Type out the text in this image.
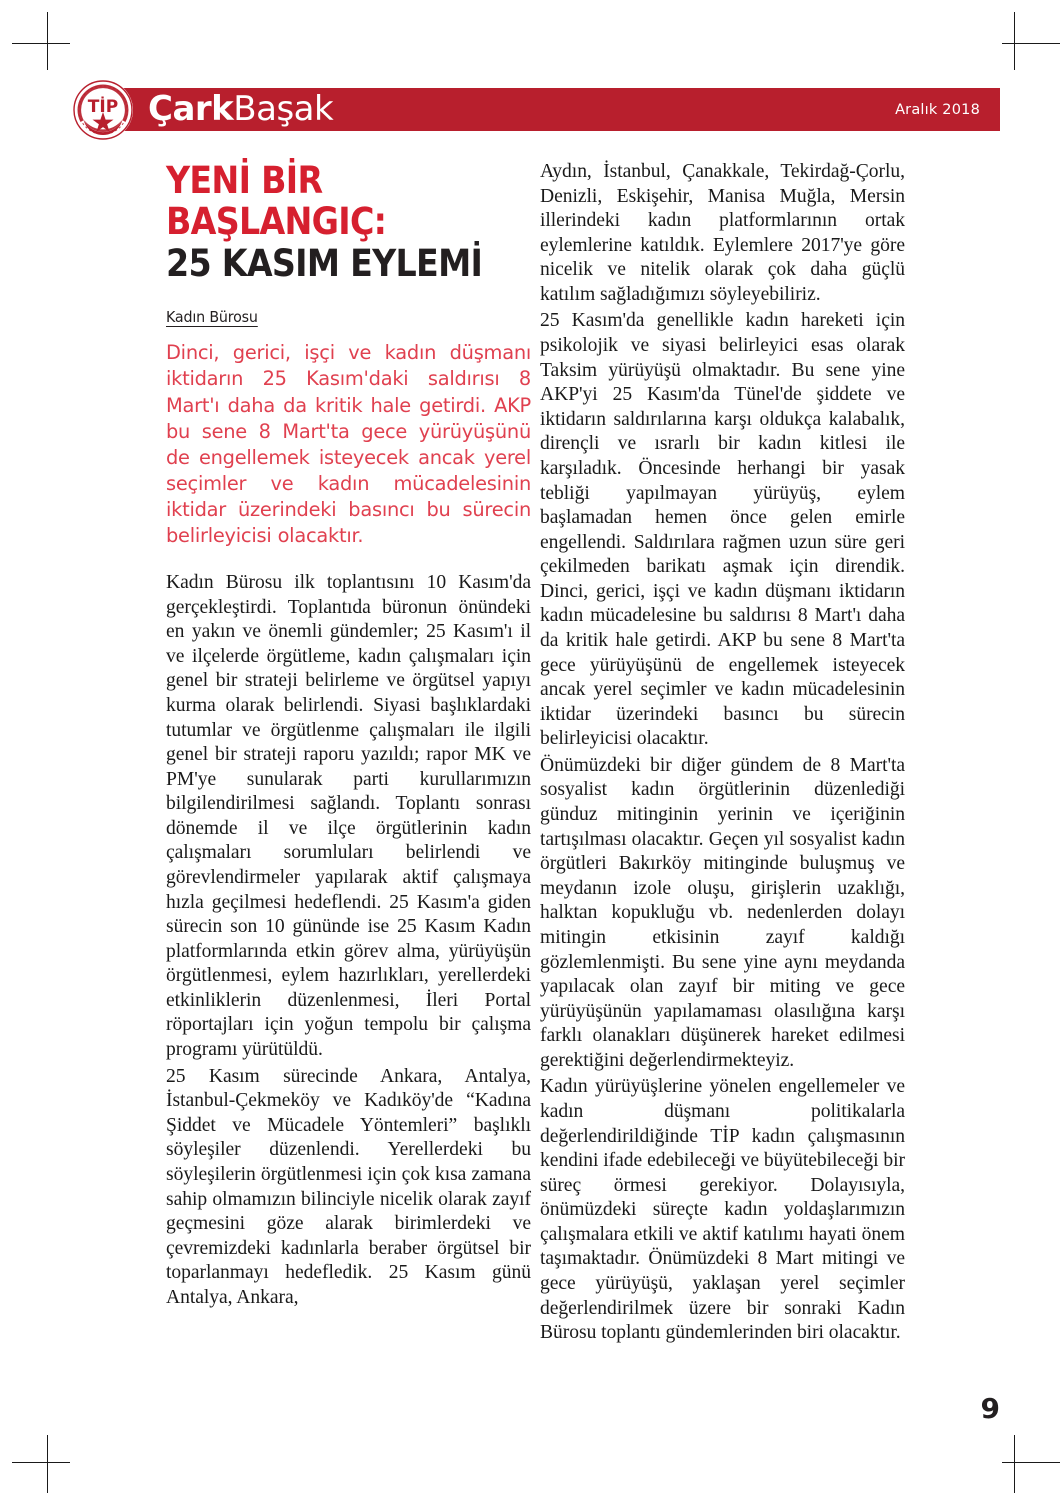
ÇarkBaşak	Aralık 2018
TİP
YENİ BİR BAŞLANGIÇ:
25 KASIM EYLEMİ
Kadın Bürosu

Dinci, gerici, işçi ve kadın düşmanı iktidarın 25 Kasım'daki saldırısı 8 Mart'ı daha da kritik hale getirdi. AKP bu sene 8 Mart'ta gece yürüyüşünü de engellemek isteyecek ancak yerel seçimler ve kadın mücadelesinin iktidar üzerindeki basıncı bu sürecin belirleyicisi olacaktır.

Kadın Bürosu ilk toplantısını 10 Kasım'da gerçekleştirdi. Toplantıda büronun önündeki en yakın ve önemli gündemler; 25 Kasım'ı il ve ilçelerde örgütleme, kadın çalışmaları için genel bir strateji belirleme ve örgütsel yapıyı kurma olarak belirlendi. Siyasi başlıklardaki tutumlar ve örgütlenme çalışmaları ile ilgili genel bir strateji raporu yazıldı; rapor MK ve PM'ye sunularak parti kurullarımızın bilgilendirilmesi sağlandı. Toplantı sonrası dönemde il ve ilçe örgütlerinin kadın çalışmaları sorumluları belirlendi ve görevlendirmeler yapılarak aktif çalışmaya hızla geçilmesi hedeflendi. 25 Kasım'a giden sürecin son 10 gününde ise 25 Kasım Kadın platformlarında etkin görev alma, yürüyüşün örgütlenmesi, eylem hazırlıkları, yerellerdeki etkinliklerin düzenlenmesi, İleri Portal röportajları için yoğun tempolu bir çalışma programı yürütüldü.

25 Kasım sürecinde Ankara, Antalya, İstanbul-Çekmeköy ve Kadıköy'de “Kadına Şiddet ve Mücadele Yöntemleri” başlıklı söyleşiler düzenlendi. Yerellerdeki bu söyleşilerin örgütlenmesi için çok kısa zamana sahip olmamızın bilinciyle nicelik olarak zayıf geçmesini göze alarak birimlerdeki ve çevremizdeki kadınlarla beraber örgütsel bir toparlanmayı hedefledik. 25 Kasım günü Antalya, Ankara,

Aydın, İstanbul, Çanakkale, Tekirdağ-Çorlu, Denizli, Eskişehir, Manisa Muğla, Mersin illerindeki kadın platformlarının ortak eylemlerine katıldık. Eylemlere 2017'ye göre nicelik ve nitelik olarak çok daha güçlü katılım sağladığımızı söyleyebiliriz.

25 Kasım'da genellikle kadın hareketi için psikolojik ve siyasi belirleyici esas olarak Taksim yürüyüşü olmaktadır. Bu sene yine AKP'yi 25 Kasım'da Tünel'de şiddete ve iktidarın saldırılarına karşı oldukça kalabalık, dirençli ve ısrarlı bir kadın kitlesi ile karşıladık. Öncesinde herhangi bir yasak tebliği yapılmayan yürüyüş, eylem başlamadan hemen önce gelen emirle engellendi. Saldırılara rağmen uzun süre geri çekilmeden barikatı aşmak için direndik. Dinci, gerici, işçi ve kadın düşmanı iktidarın kadın mücadelesine bu saldırısı 8 Mart'ı daha da kritik hale getirdi. AKP bu sene 8 Mart'ta gece yürüyüşünü de engellemek isteyecek ancak yerel seçimler ve kadın mücadelesinin iktidar üzerindeki basıncı bu sürecin belirleyicisi olacaktır.

Önümüzdeki bir diğer gündem de 8 Mart'ta sosyalist kadın örgütlerinin düzenlediği günduz mitinginin yerinin ve içeriğinin tartışılması olacaktır. Geçen yıl sosyalist kadın örgütleri Bakırköy mitinginde buluşmuş ve meydanın izole oluşu, girişlerin uzaklığı, halktan kopukluğu vb. nedenlerden dolayı mitingin etkisinin zayıf kaldığı gözlemlenmişti. Bu sene yine aynı meydanda yapılacak olan zayıf bir miting ve gece yürüyüşünün yapılamaması olasılığına karşı farklı olanakları düşünerek hareket edilmesi gerektiğini değerlendirmekteyiz.

Kadın yürüyüşlerine yönelen engellemeler ve kadın düşmanı politikalarla değerlendirildiğinde TİP kadın çalışmasının kendini ifade edebileceği ve büyütebileceği bir süreç örmesi gerekiyor. Dolayısıyla, önümüzdeki süreçte kadın yoldaşlarımızın çalışmalara etkili ve aktif katılımı hayati önem taşımaktadır. Önümüzdeki 8 Mart mitingi ve gece yürüyüşü, yaklaşan yerel seçimler değerlendirilmek üzere bir sonraki Kadın Bürosu toplantı gündemlerinden biri olacaktır.

9
